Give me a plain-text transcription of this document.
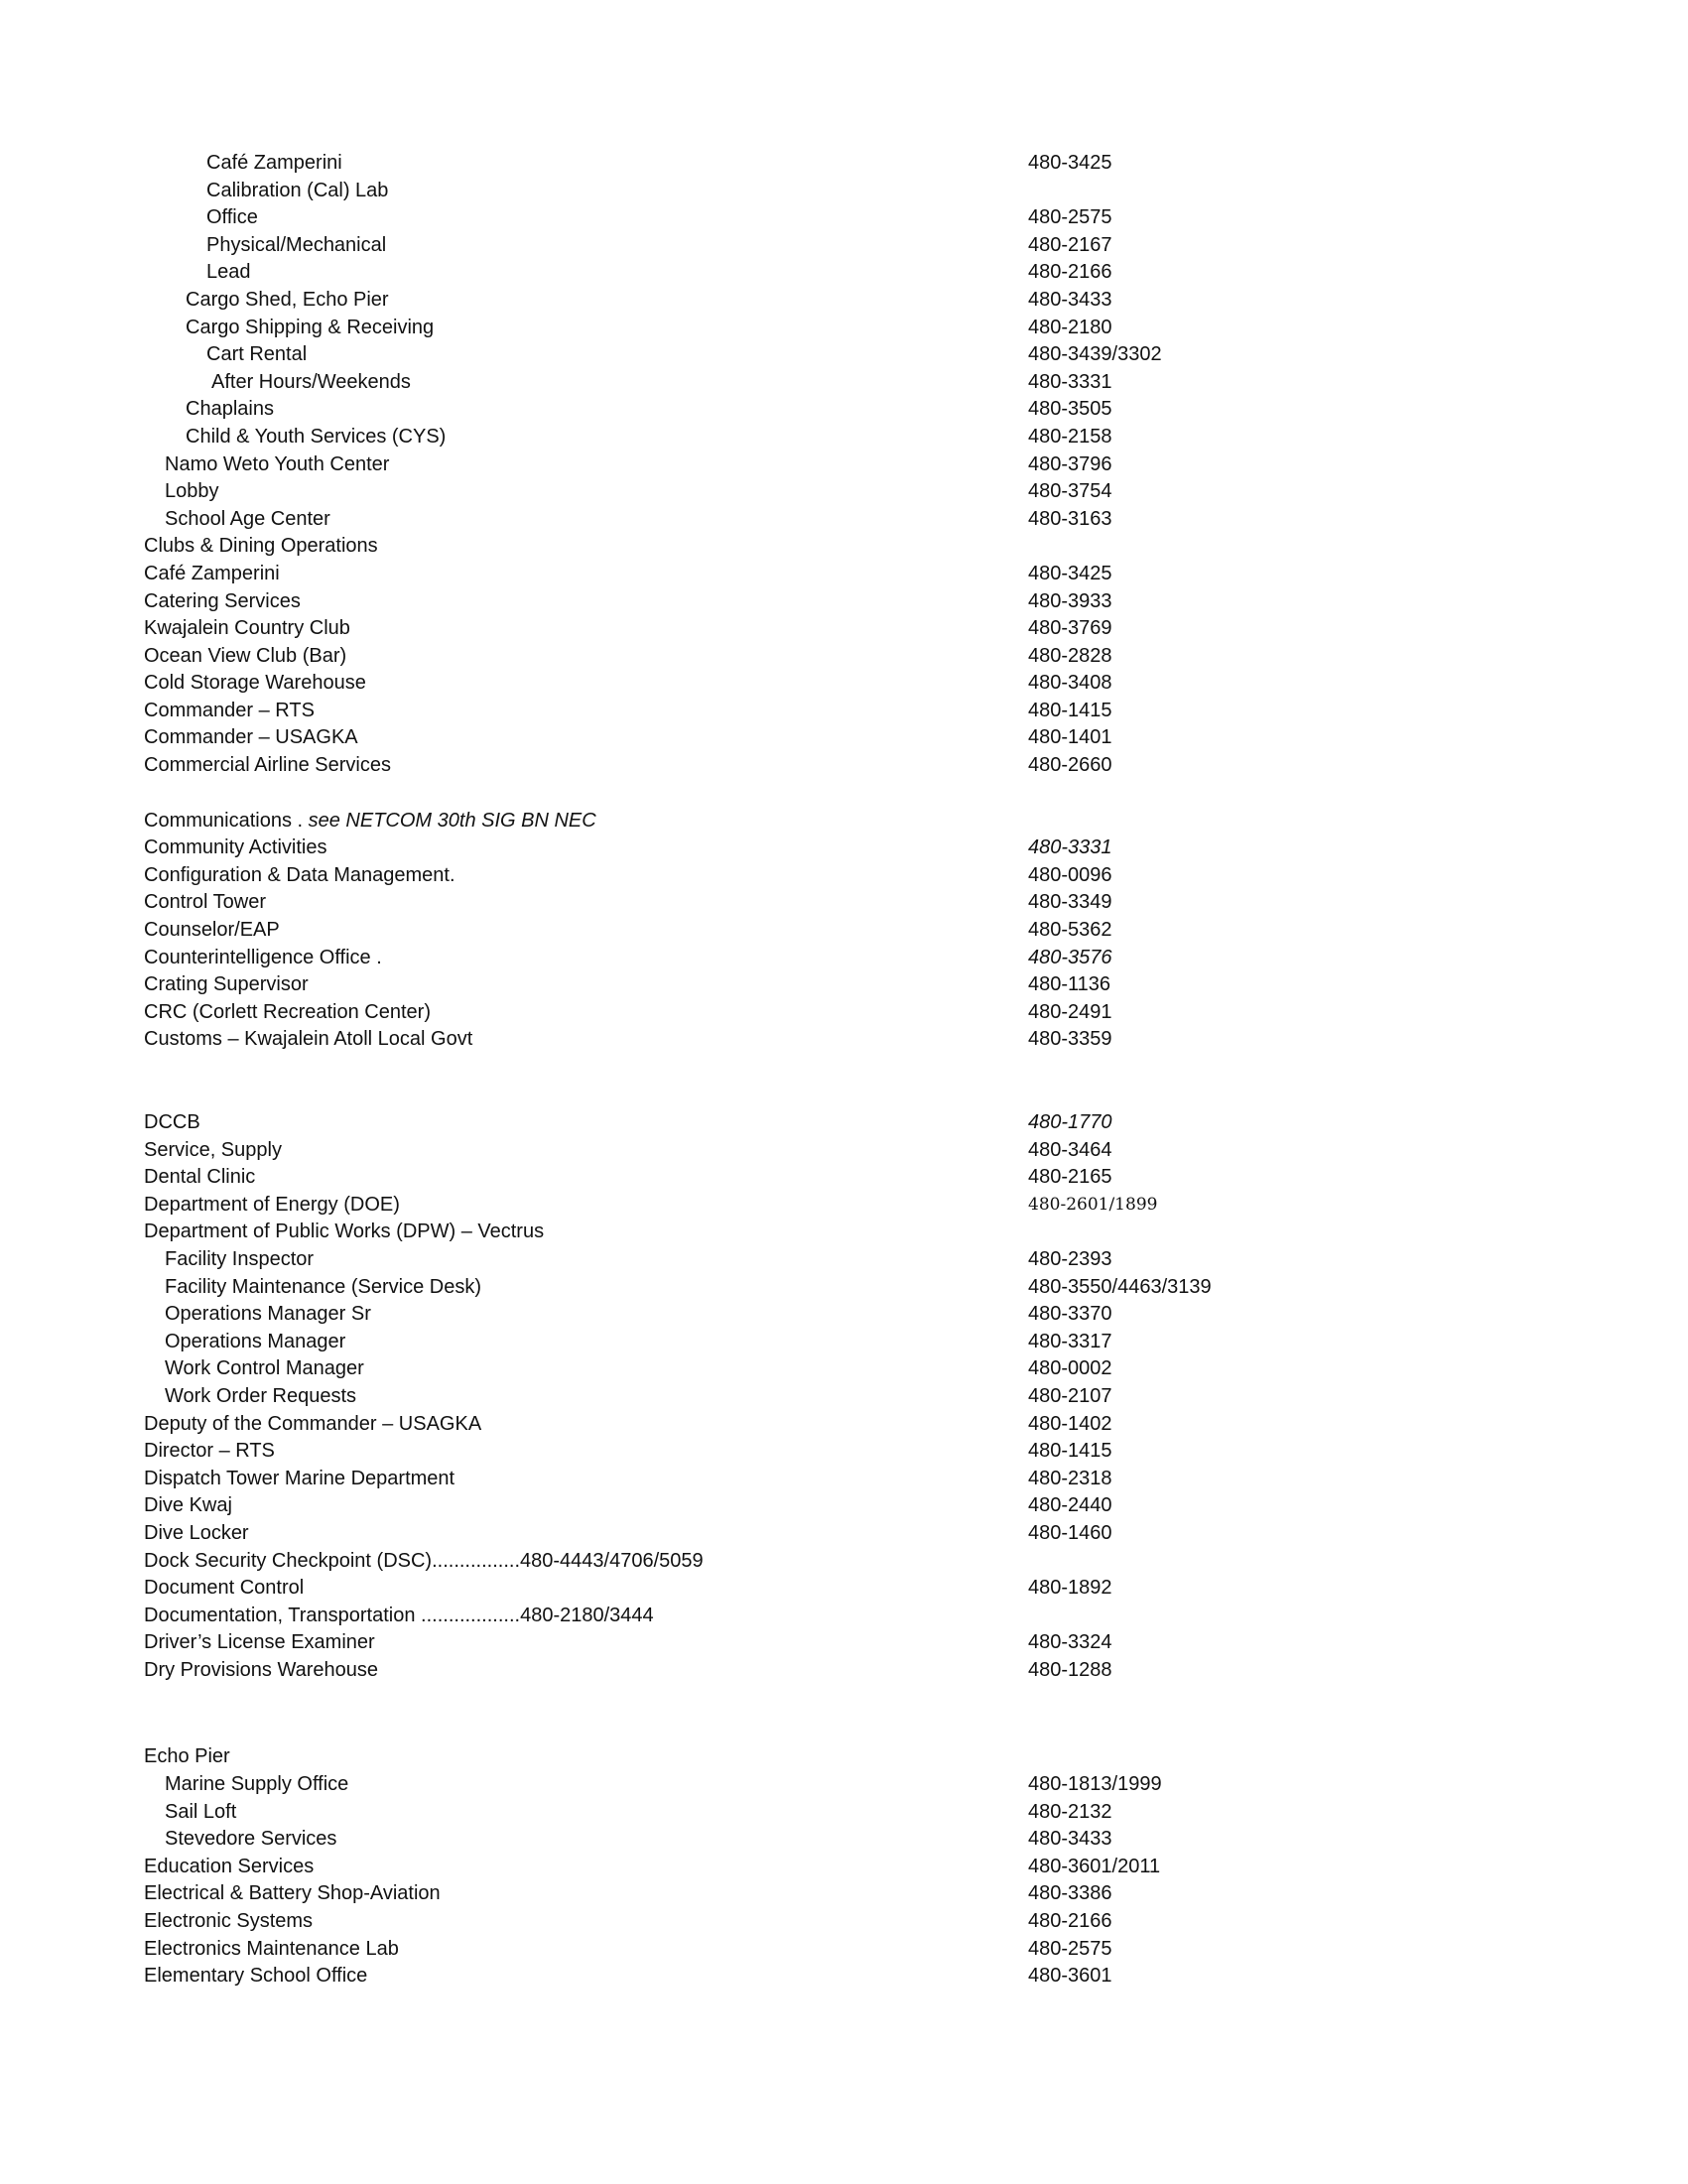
Café Zamperini	480-3425
Calibration (Cal) Lab
Office	480-2575
Physical/Mechanical	480-2167
Lead	480-2166
Cargo Shed, Echo Pier	480-3433
Cargo Shipping & Receiving	480-2180
Cart Rental	480-3439/3302
After Hours/Weekends	480-3331
Chaplains	480-3505
Child & Youth Services (CYS)	480-2158
Namo Weto Youth Center	480-3796
Lobby	480-3754
School Age Center	480-3163
Clubs & Dining Operations
Café Zamperini	480-3425
Catering Services	480-3933
Kwajalein Country Club	480-3769
Ocean View Club (Bar)	480-2828
Cold Storage Warehouse	480-3408
Commander – RTS	480-1415
Commander – USAGKA	480-1401
Commercial Airline Services	480-2660
Communications . see NETCOM 30th SIG BN NEC
Community Activities	480-3331
Configuration & Data Management.	480-0096
Control Tower	480-3349
Counselor/EAP	480-5362
Counterintelligence Office .	480-3576
Crating Supervisor	480-1136
CRC (Corlett Recreation Center)	480-2491
Customs – Kwajalein Atoll Local Govt	480-3359
DCCB	480-1770
Service, Supply	480-3464
Dental Clinic	480-2165
Department of Energy (DOE)	480-2601/1899
Department of Public Works (DPW) – Vectrus
Facility Inspector	480-2393
Facility Maintenance (Service Desk)	480-3550/4463/3139
Operations Manager Sr	480-3370
Operations Manager	480-3317
Work Control Manager	480-0002
Work Order Requests	480-2107
Deputy of the Commander – USAGKA	480-1402
Director – RTS	480-1415
Dispatch Tower Marine Department	480-2318
Dive Kwaj	480-2440
Dive Locker	480-1460
Dock Security Checkpoint (DSC)................480-4443/4706/5059
Document Control	480-1892
Documentation, Transportation ..................480-2180/3444
Driver’s License Examiner	480-3324
Dry Provisions Warehouse	480-1288
Echo Pier
Marine Supply Office	480-1813/1999
Sail Loft	480-2132
Stevedore Services	480-3433
Education Services	480-3601/2011
Electrical & Battery Shop-Aviation	480-3386
Electronic Systems	480-2166
Electronics Maintenance Lab	480-2575
Elementary School Office	480-3601
